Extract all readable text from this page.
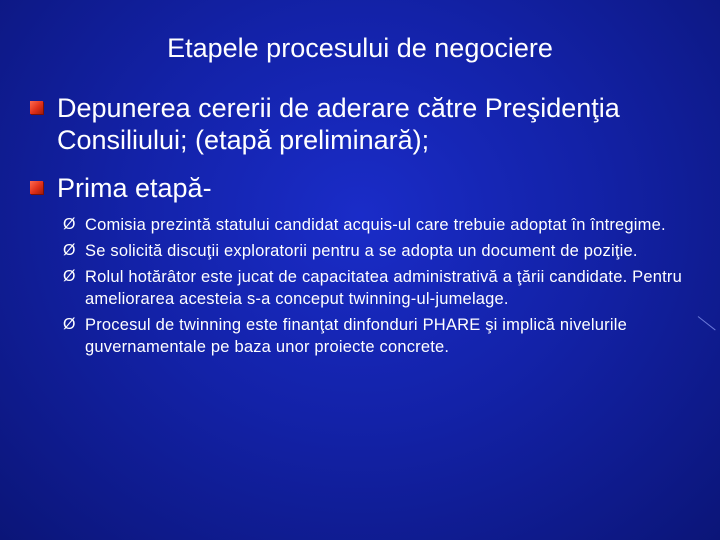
Etapele procesului de negociere
Depunerea cererii de aderare către Preşidenţia Consiliului; (etapă preliminară);
Prima etapă-
Ø Comisia prezintă statului candidat acquis-ul care trebuie adoptat în întregime.
Ø Se solicită discuţii exploratorii pentru a se adopta un document de poziţie.
Ø Rolul hotărâtor este jucat de capacitatea administrativă a ţării candidate. Pentru ameliorarea acesteia s-a conceput twinning-ul-jumelage.
Ø Procesul de twinning este finanţat dinfonduri PHARE şi implică nivelurile guvernamentale pe baza unor proiecte concrete.
